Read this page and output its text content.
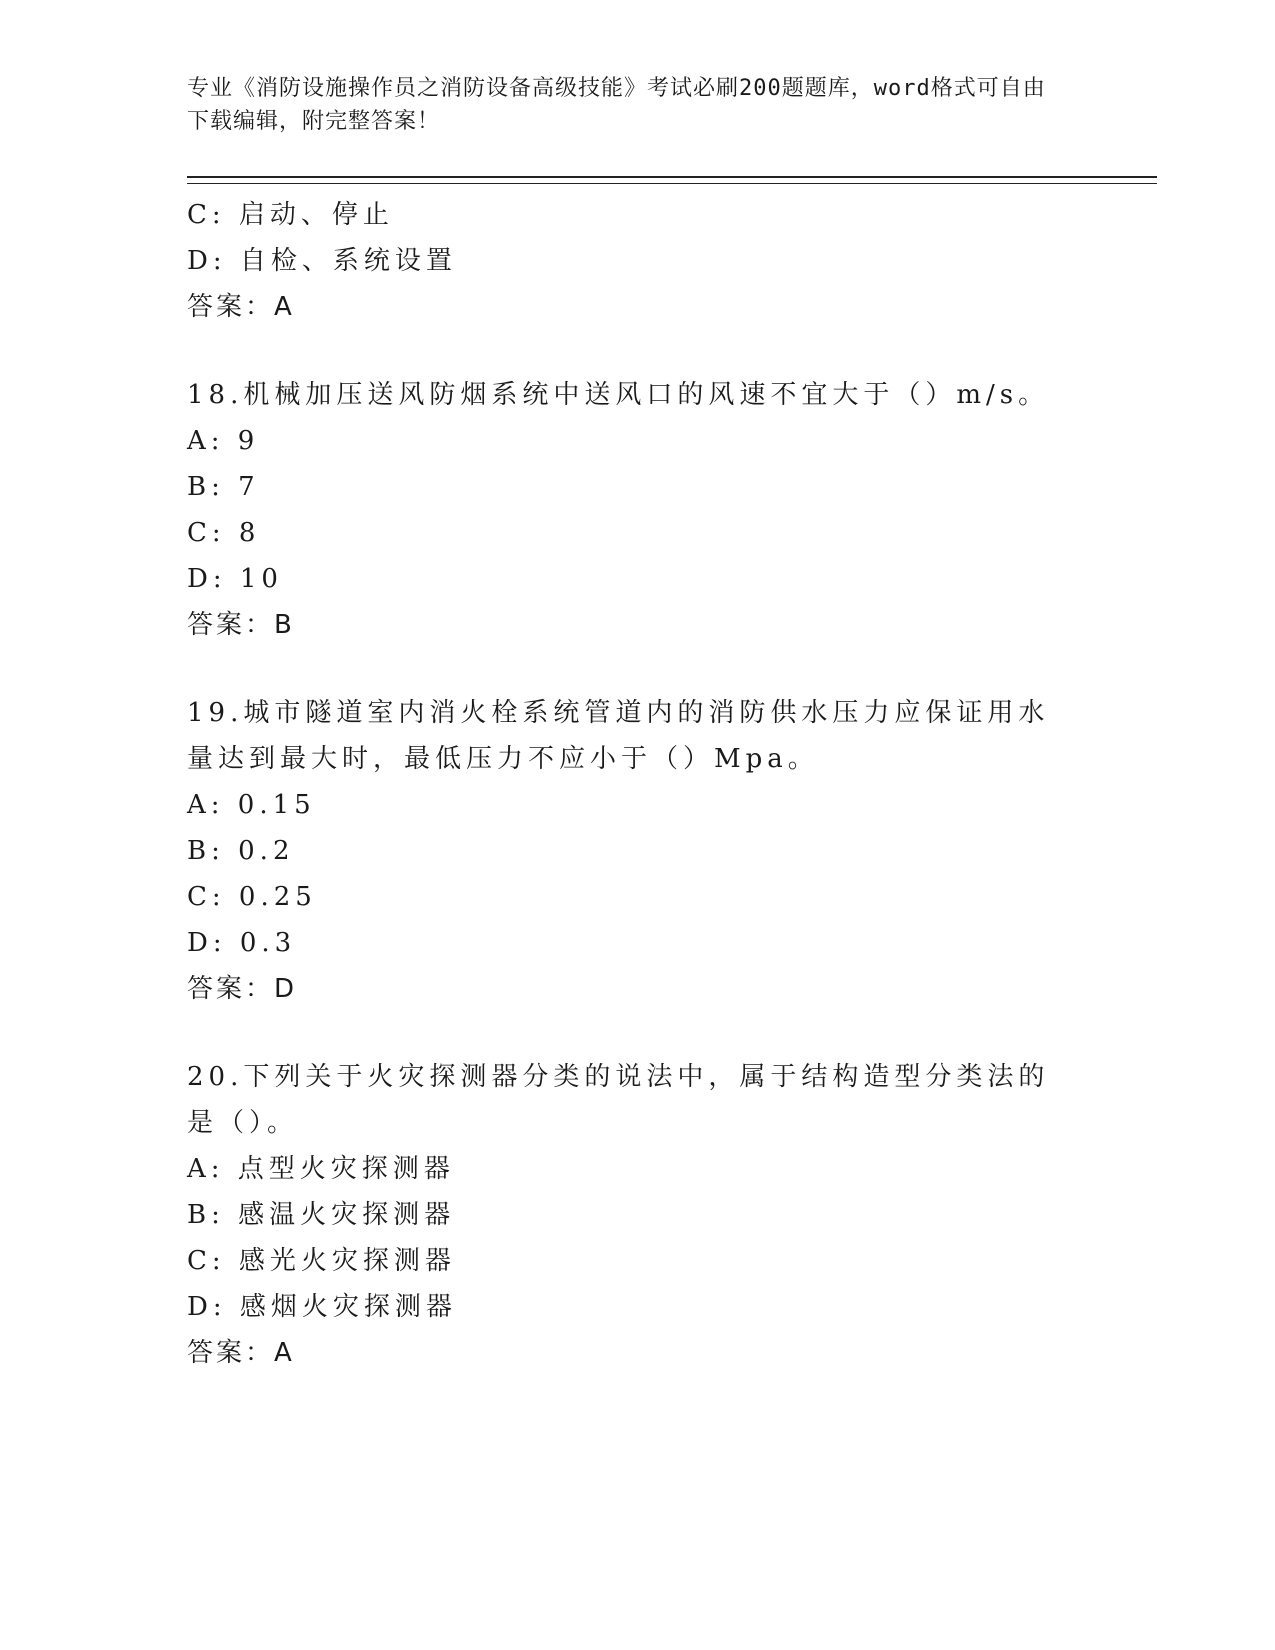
专业《消防设施操作员之消防设备高级技能》考试必刷200题题库，word格式可自由下载编辑，附完整答案！

C: 启动、停止
D: 自检、系统设置
答案：A
18.机械加压送风防烟系统中送风口的风速不宜大于（）m/s。
A: 9
B: 7
C: 8
D: 10
答案：B
19.城市隧道室内消火栓系统管道内的消防供水压力应保证用水量达到最大时，最低压力不应小于（）Mpa。
A: 0.15
B: 0.2
C: 0.25
D: 0.3
答案：D
20.下列关于火灾探测器分类的说法中，属于结构造型分类法的是（）。
A: 点型火灾探测器
B: 感温火灾探测器
C: 感光火灾探测器
D: 感烟火灾探测器
答案：A
